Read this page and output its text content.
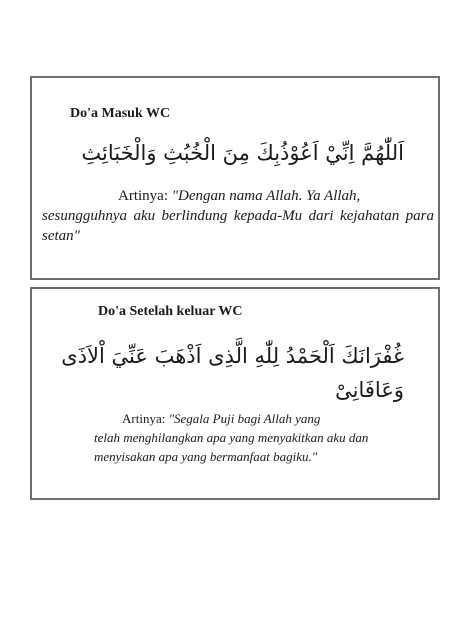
Do'a Masuk WC
اَللّٰهُمَّ اِنِّيْ اَعُوْذُبِكَ مِنَ الْخُبُثِ وَالْخَبَائِثِ
Artinya: "Dengan nama Allah. Ya Allah,
sesungguhnya aku berlindung kepada-Mu dari kejahatan para setan"
Do'a Setelah keluar WC
غُفْرَانَكَ اَلْحَمْدُ لِلّٰهِ الَّذِى اَذْهَبَ عَنِّيَ اْلاَذَى وَعَافَانِىْ
Artinya: "Segala Puji bagi Allah yang
telah menghilangkan apa yang menyakitkan aku dan menyisakan apa yang bermanfaat bagiku."
